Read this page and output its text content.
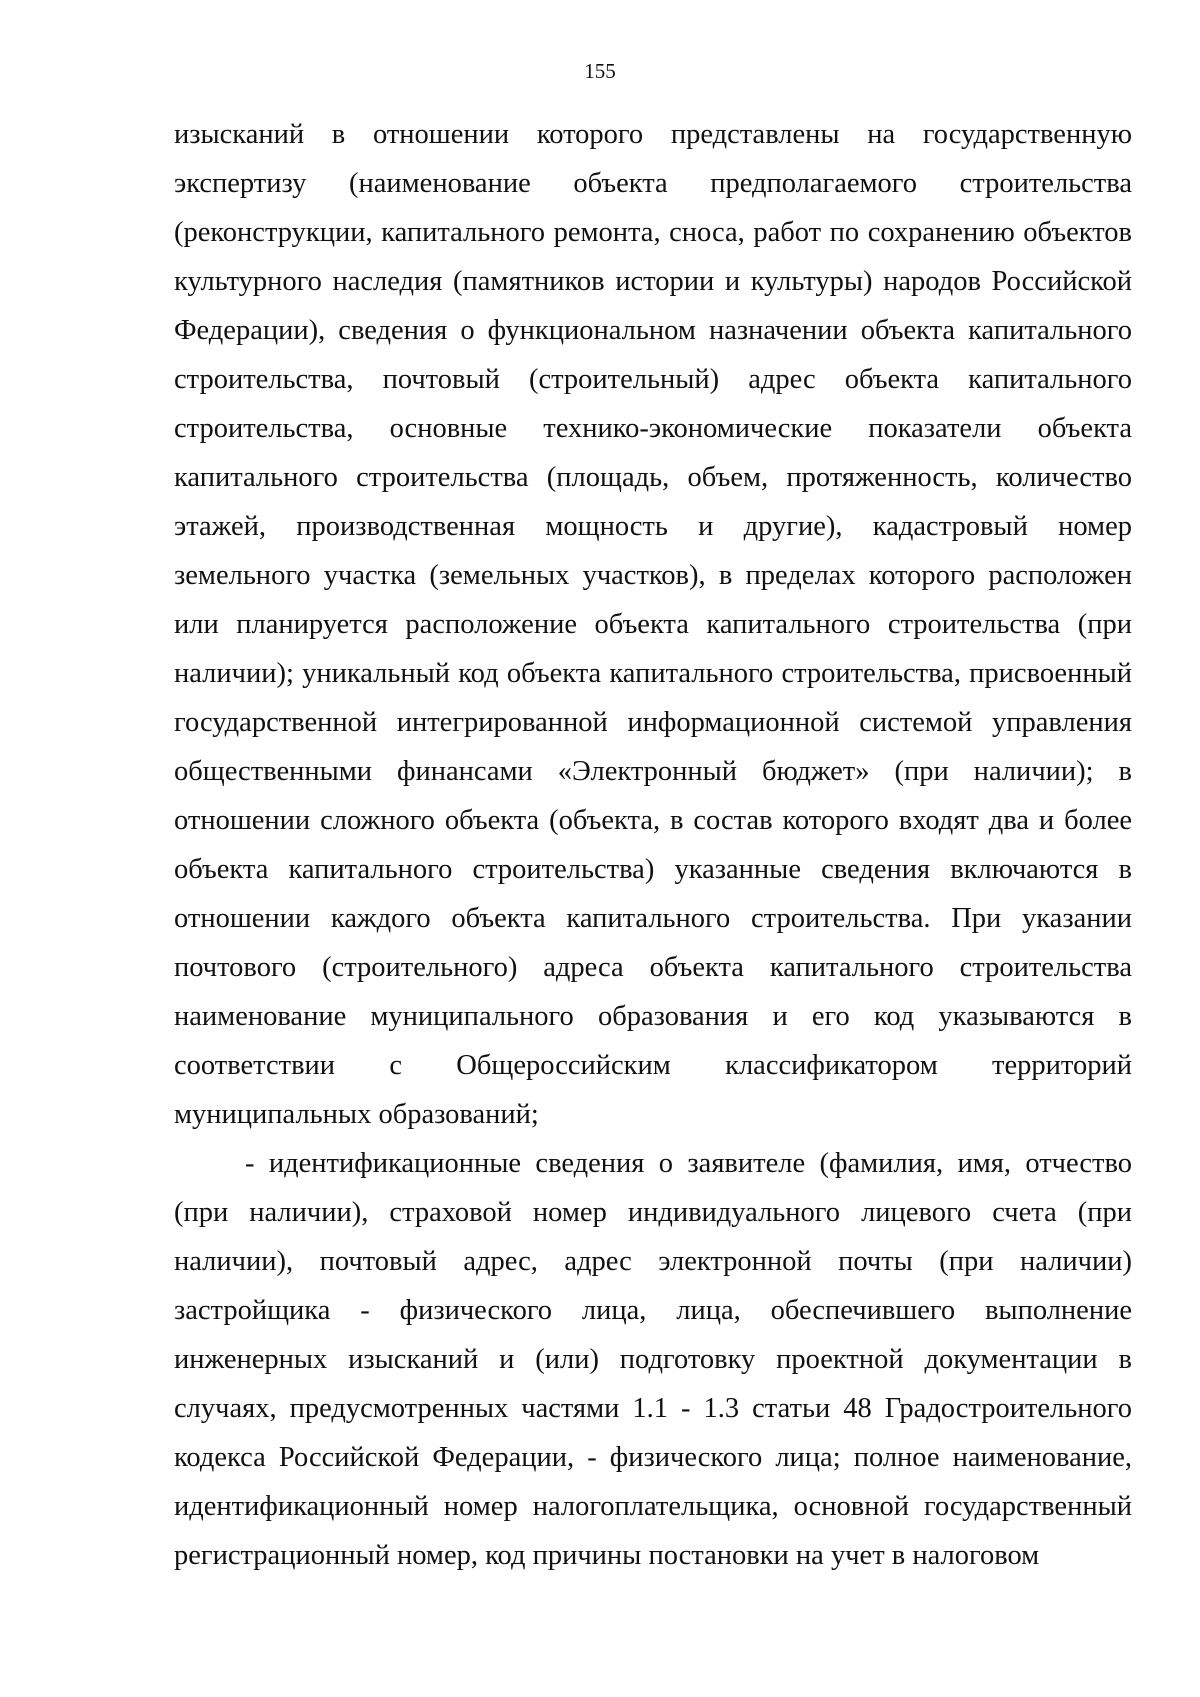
155

изысканий в отношении которого представлены на государственную экспертизу (наименование объекта предполагаемого строительства (реконструкции, капитального ремонта, сноса, работ по сохранению объектов культурного наследия (памятников истории и культуры) народов Российской Федерации), сведения о функциональном назначении объекта капитального строительства, почтовый (строительный) адрес объекта капитального строительства, основные технико-экономические показатели объекта капитального строительства (площадь, объем, протяженность, количество этажей, производственная мощность и другие), кадастровый номер земельного участка (земельных участков), в пределах которого расположен или планируется расположение объекта капитального строительства (при наличии); уникальный код объекта капитального строительства, присвоенный государственной интегрированной информационной системой управления общественными финансами «Электронный бюджет» (при наличии); в отношении сложного объекта (объекта, в состав которого входят два и более объекта капитального строительства) указанные сведения включаются в отношении каждого объекта капитального строительства. При указании почтового (строительного) адреса объекта капитального строительства наименование муниципального образования и его код указываются в соответствии с Общероссийским классификатором территорий муниципальных образований;

- идентификационные сведения о заявителе (фамилия, имя, отчество (при наличии), страховой номер индивидуального лицевого счета (при наличии), почтовый адрес, адрес электронной почты (при наличии) застройщика - физического лица, лица, обеспечившего выполнение инженерных изысканий и (или) подготовку проектной документации в случаях, предусмотренных частями 1.1 - 1.3 статьи 48 Градостроительного кодекса Российской Федерации, - физического лица; полное наименование, идентификационный номер налогоплательщика, основной государственный регистрационный номер, код причины постановки на учет в налоговом
